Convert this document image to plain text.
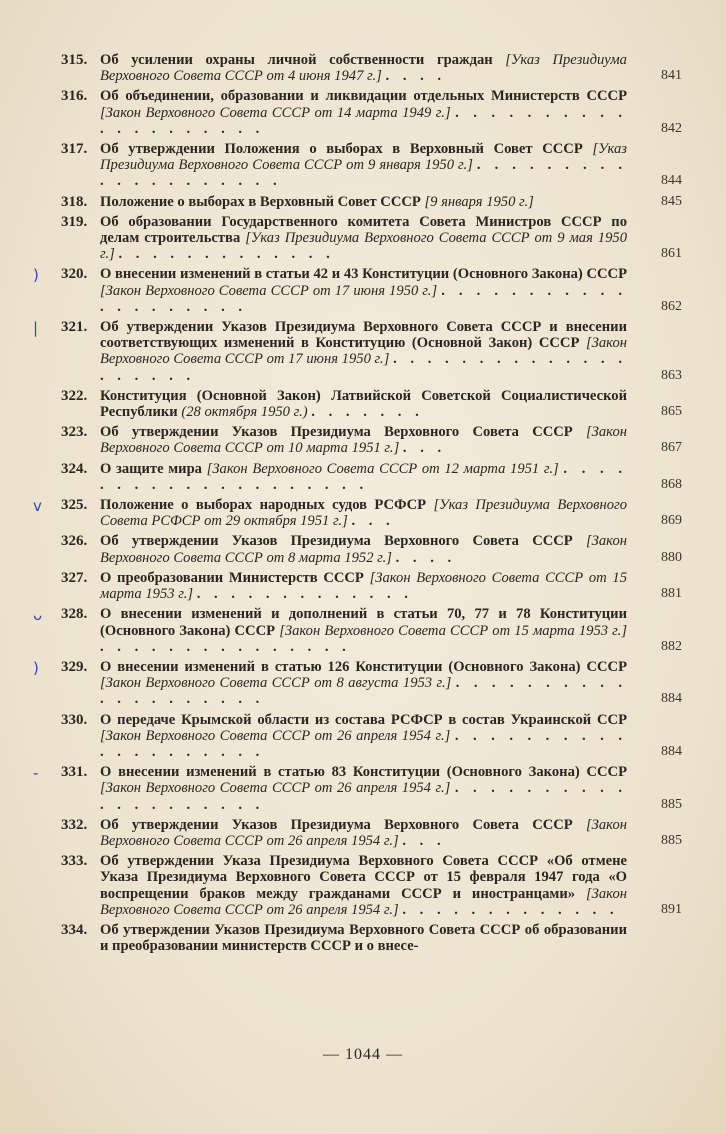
315. Об усилении охраны личной собственности граждан [Указ Президиума Верховного Совета СССР от 4 июня 1947 г.] . . . .	841
316. Об объединении, образовании и ликвидации отдельных Министерств СССР [Закон Верховного Совета СССР от 14 марта 1949 г.] . . . . . . . . . . . . . . . . . . . .	842
317. Об утверждении Положения о выборах в Верховный Совет СССР [Указ Президиума Верховного Совета СССР от 9 января 1950 г.] . . . . . . . . . . . . . . . . . . . .	844
318. Положение о выборах в Верховный Совет СССР [9 января 1950 г.]	845
319. Об образовании Государственного комитета Совета Министров СССР по делам строительства [Указ Президиума Верховного Совета СССР от 9 мая 1950 г.] . . . . . . . . . . . . .	861
) 320. О внесении изменений в статьи 42 и 43 Конституции (Основного Закона) СССР [Закон Верховного Совета СССР от 17 июня 1950 г.] . . . . . . . . . . . . . . . . . . . .	862
| 321. Об утверждении Указов Президиума Верховного Совета СССР и внесении соответствующих изменений в Конституцию (Основной Закон) СССР [Закон Верховного Совета СССР от 17 июня 1950 г.] . . . . . . . . . . . . . . . . . . . .	863
322. Конституция (Основной Закон) Латвийской Советской Социалистической Республики (28 октября 1950 г.) . . . . . . .	865
323. Об утверждении Указов Президиума Верховного Совета СССР [Закон Верховного Совета СССР от 10 марта 1951 г.] . . .	867
324. О защите мира [Закон Верховного Совета СССР от 12 марта 1951 г.] . . . . . . . . . . . . . . . . . . . .	868
v 325. Положение о выборах народных судов РСФСР [Указ Президиума Верховного Совета РСФСР от 29 октября 1951 г.] . . .	869
326. Об утверждении Указов Президиума Верховного Совета СССР [Закон Верховного Совета СССР от 8 марта 1952 г.] . . . .	880
327. О преобразовании Министерств СССР [Закон Верховного Совета СССР от 15 марта 1953 г.] . . . . . . . . . . . . .	881
ᴗ 328. О внесении изменений и дополнений в статьи 70, 77 и 78 Конституции (Основного Закона) СССР [Закон Верховного Совета СССР от 15 марта 1953 г.] . . . . . . . . . . . . . . .	882
) 329. О внесении изменений в статью 126 Конституции (Основного Закона) СССР [Закон Верховного Совета СССР от 8 августа 1953 г.] . . . . . . . . . . . . . . . . . . . .	884
330. О передаче Крымской области из состава РСФСР в состав Украинской ССР [Закон Верховного Совета СССР от 26 апреля 1954 г.] . . . . . . . . . . . . . . . . . . . .	884
- 331. О внесении изменений в статью 83 Конституции (Основного Закона) СССР [Закон Верховного Совета СССР от 26 апреля 1954 г.] . . . . . . . . . . . . . . . . . . . .	885
332. Об утверждении Указов Президиума Верховного Совета СССР [Закон Верховного Совета СССР от 26 апреля 1954 г.] . . .	885
333. Об утверждении Указа Президиума Верховного Совета СССР «Об отмене Указа Президиума Верховного Совета СССР от 15 февраля 1947 года «О воспрещении браков между гражданами СССР и иностранцами» [Закон Верховного Совета СССР от 26 апреля 1954 г.] . . . . . . . . . . . . .	891
334. Об утверждении Указов Президиума Верховного Совета СССР об образовании и преобразовании министерств СССР и о внесе-
— 1044 —
